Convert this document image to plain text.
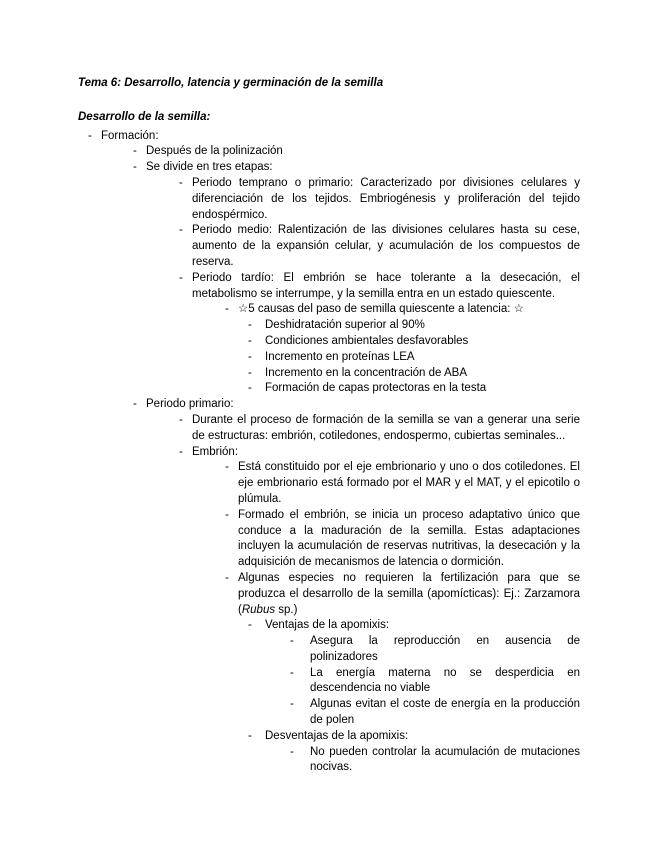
Tema 6: Desarrollo, latencia y germinación de la semilla
Desarrollo de la semilla:
- Formación:
- Después de la polinización
- Se divide en tres etapas:
- Periodo temprano o primario: Caracterizado por divisiones celulares y diferenciación de los tejidos. Embriogénesis y proliferación del tejido endospérmico.
- Periodo medio: Ralentización de las divisiones celulares hasta su cese, aumento de la expansión celular, y acumulación de los compuestos de reserva.
- Periodo tardío: El embrión se hace tolerante a la desecación, el metabolismo se interrumpe, y la semilla entra en un estado quiescente.
- ☆5 causas del paso de semilla quiescente a latencia: ☆
-	Deshidratación superior al 90%
-	Condiciones ambientales desfavorables
-	Incremento en proteínas LEA
-	Incremento en la concentración de ABA
-	Formación de capas protectoras en la testa
- Periodo primario:
- Durante el proceso de formación de la semilla se van a generar una serie de estructuras: embrión, cotiledones, endospermo, cubiertas seminales...
- Embrión:
- Está constituido por el eje embrionario y uno o dos cotiledones. El eje embrionario está formado por el MAR y el MAT, y el epicotilo o plúmula.
- Formado el embrión, se inicia un proceso adaptativo único que conduce a la maduración de la semilla. Estas adaptaciones incluyen la acumulación de reservas nutritivas, la desecación y la adquisición de mecanismos de latencia o dormición.
- Algunas especies no requieren la fertilización para que se produzca el desarrollo de la semilla (apomícticas): Ej.: Zarzamora (Rubus sp.)
-	Ventajas de la apomixis:
-	Asegura la reproducción en ausencia de polinizadores
-	La energía materna no se desperdicia en descendencia no viable
-	Algunas evitan el coste de energía en la producción de polen
-	Desventajas de la apomixis:
-	No pueden controlar la acumulación de mutaciones nocivas.
